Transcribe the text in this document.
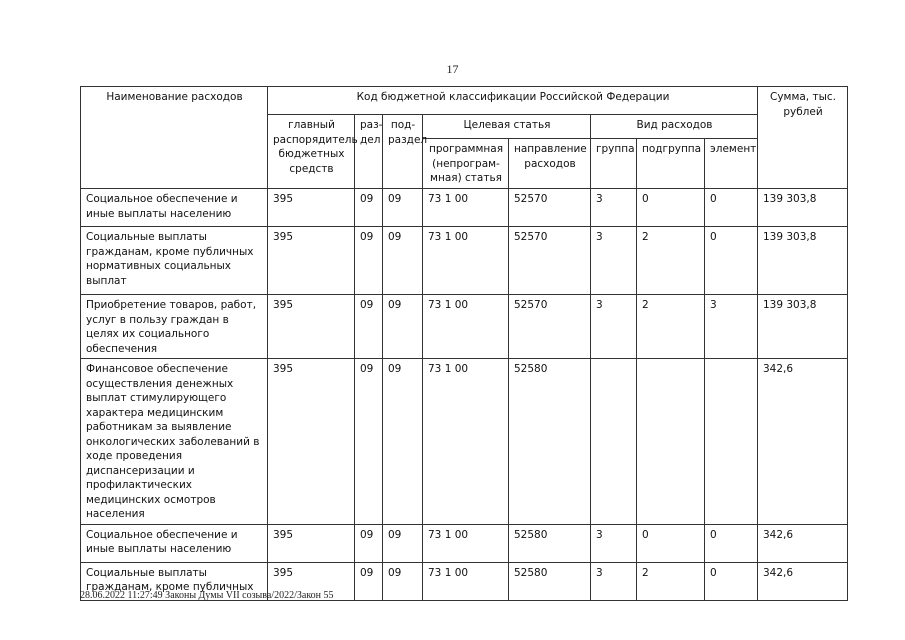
17
Наименование расходов	Код бюджетной классификации Российской Федерации								Сумма, тыс. рублей
	главный распорядитель бюджетных средств	раз-дел	под-раздел	Целевая статья		Вид расходов			
				программная (непрограм-мная) статья	направление расходов	группа	подгруппа	элемент	
Социальное обеспечение и иные выплаты населению	395	09	09	73 1 00	52570	3	0	0	139 303,8
Социальные выплаты гражданам, кроме публичных нормативных социальных выплат	395	09	09	73 1 00	52570	3	2	0	139 303,8
Приобретение товаров, работ, услуг в пользу граждан в целях их социального обеспечения	395	09	09	73 1 00	52570	3	2	3	139 303,8
Финансовое обеспечение осуществления денежных выплат стимулирующего характера медицинским работникам за выявление онкологических заболеваний в ходе проведения диспансеризации и профилактических медицинских осмотров населения	395	09	09	73 1 00	52580				342,6
Социальное обеспечение и иные выплаты населению	395	09	09	73 1 00	52580	3	0	0	342,6
Социальные выплаты гражданам, кроме публичных	395	09	09	73 1 00	52580	3	2	0	342,6
28.06.2022 11:27:49 Законы Думы VII созыва/2022/Закон 55
